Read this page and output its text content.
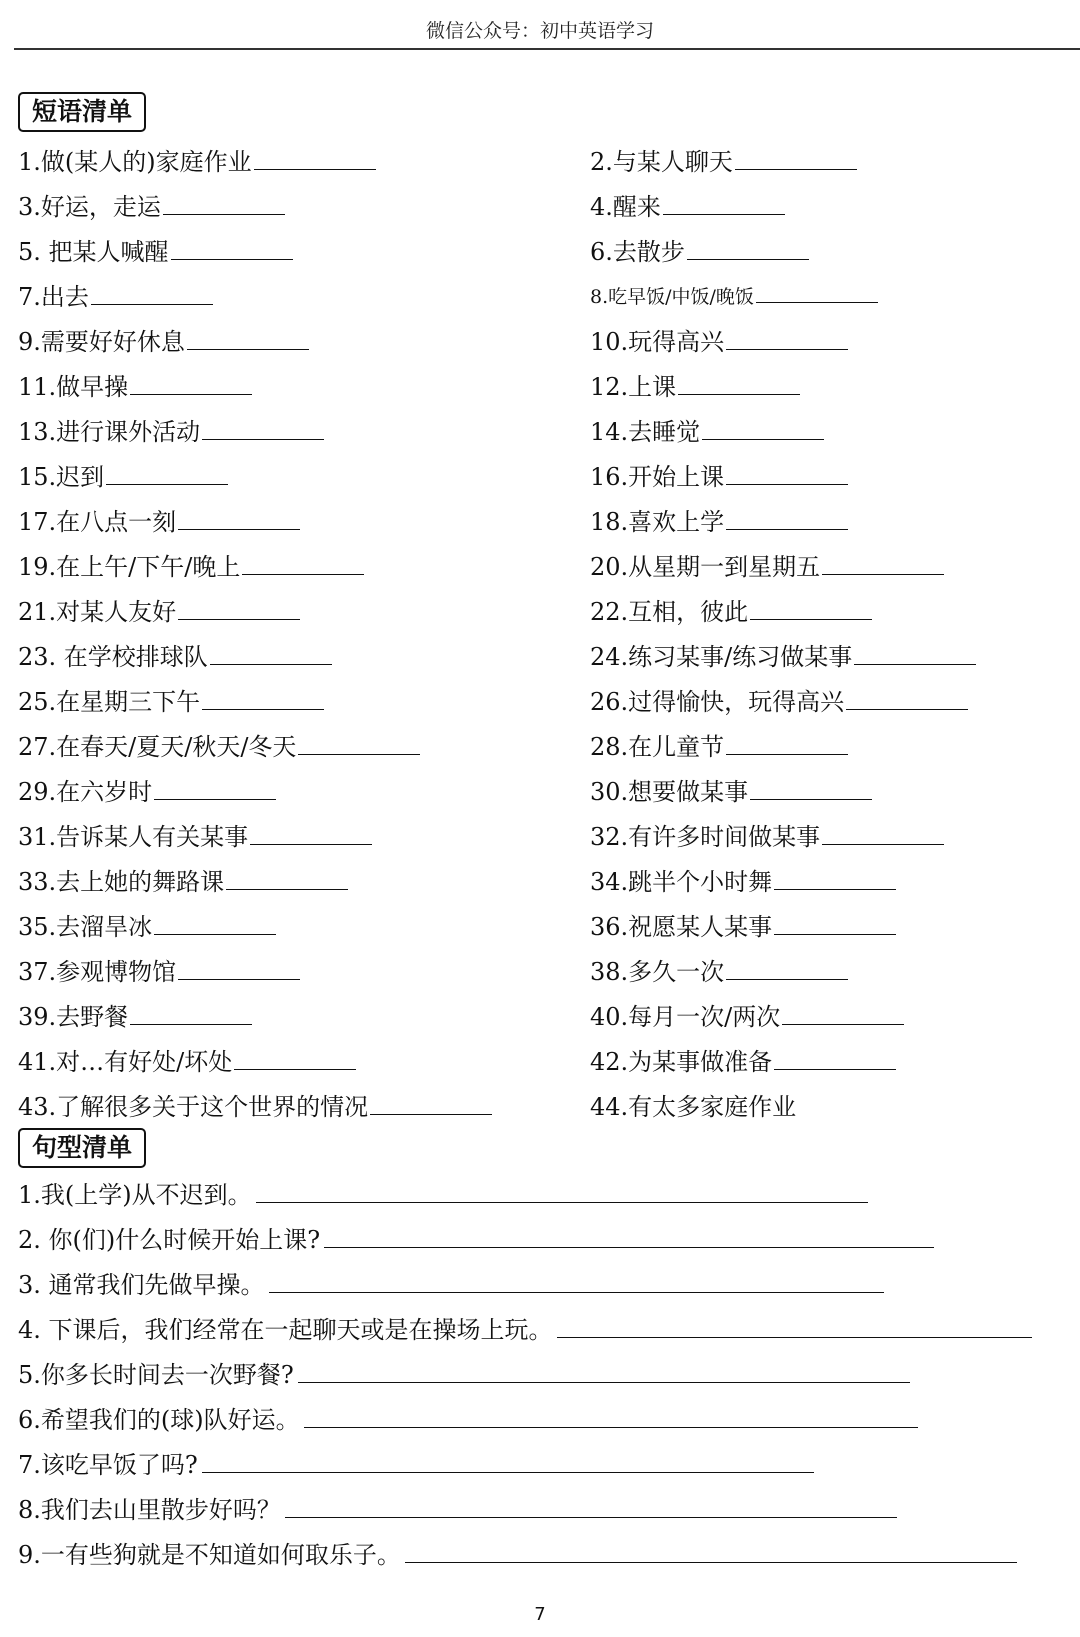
微信公众号：初中英语学习
短语清单
1.做(某人的)家庭作业	2.与某人聊天
3.好运，走运	4.醒来
5. 把某人喊醒	6.去散步
7.出去	8.吃早饭/中饭/晚饭
9.需要好好休息	10.玩得高兴
11.做早操	12.上课
13.进行课外活动	14.去睡觉
15.迟到	16.开始上课
17.在八点一刻	18.喜欢上学
19.在上午/下午/晚上	20.从星期一到星期五
21.对某人友好	22.互相，彼此
23. 在学校排球队	24.练习某事/练习做某事
25.在星期三下午	26.过得愉快，玩得高兴
27.在春天/夏天/秋天/冬天	28.在儿童节
29.在六岁时	30.想要做某事
31.告诉某人有关某事	32.有许多时间做某事
33.去上她的舞路课	34.跳半个小时舞
35.去溜旱冰	36.祝愿某人某事
37.参观博物馆	38.多久一次
39.去野餐	40.每月一次/两次
41.对…有好处/坏处	42.为某事做准备
43.了解很多关于这个世界的情况	44.有太多家庭作业
句型清单
1.我(上学)从不迟到。
2. 你(们)什么时候开始上课?
3. 通常我们先做早操。
4. 下课后，我们经常在一起聊天或是在操场上玩。
5.你多长时间去一次野餐?
6.希望我们的(球)队好运。
7.该吃早饭了吗?
8.我们去山里散步好吗？
9.一有些狗就是不知道如何取乐子。
7
